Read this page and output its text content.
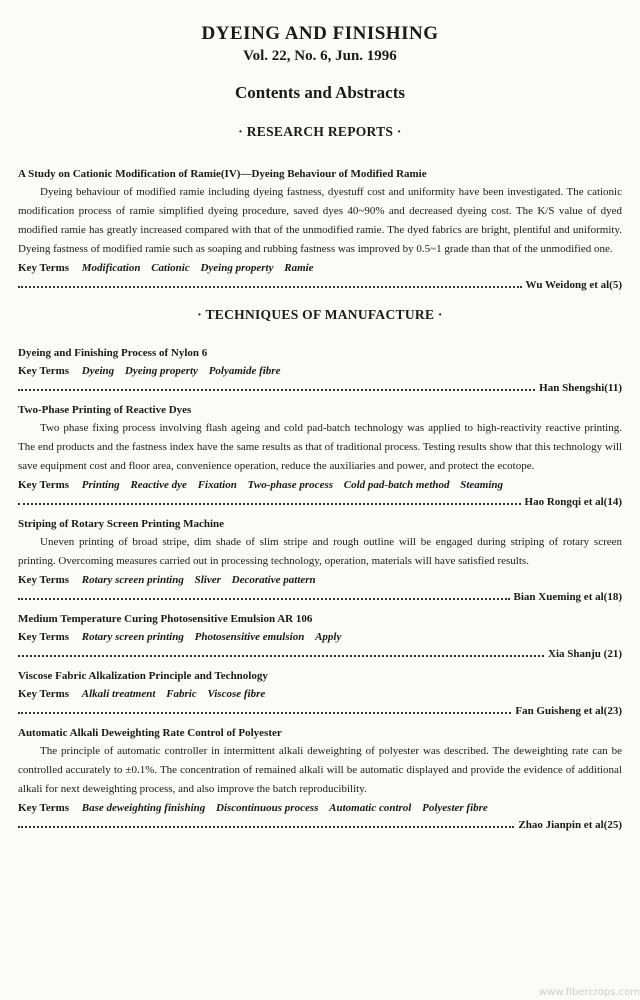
DYEING AND FINISHING
Vol. 22, No. 6, Jun. 1996
Contents and Abstracts
· RESEARCH REPORTS ·
A Study on Cationic Modification of Ramie(IV)—Dyeing Behaviour of Modified Ramie
Dyeing behaviour of modified ramie including dyeing fastness, dyestuff cost and uniformity have been investigated. The cationic modification process of ramie simplified dyeing procedure, saved dyes 40~90% and decreased dyeing cost. The K/S value of dyed modified ramie has greatly increased compared with that of the unmodified ramie. The dyed fabrics are bright, plentiful and uniformity. Dyeing fastness of modified ramie such as soaping and rubbing fastness was improved by 0.5~1 grade than that of the unmodified one.
Key Terms Modification Cationic Dyeing property Ramie
Wu Weidong et al(5)
· TECHNIQUES OF MANUFACTURE ·
Dyeing and Finishing Process of Nylon 6
Key Terms Dyeing Dyeing property Polyamide fibre
Han Shengshi(11)
Two-Phase Printing of Reactive Dyes
Two phase fixing process involving flash ageing and cold pad-batch technology was applied to high-reactivity reactive printing. The end products and the fastness index have the same results as that of traditional process. Testing results show that this technology will save equipment cost and floor area, convenience operation, reduce the auxiliaries and power, and protect the ecotope.
Key Terms Printing Reactive dye Fixation Two-phase process Cold pad-batch method Steaming
Hao Rongqi et al(14)
Striping of Rotary Screen Printing Machine
Uneven printing of broad stripe, dim shade of slim stripe and rough outline will be engaged during striping of rotary screen printing. Overcoming measures carried out in processing technology, operation, materials will have satisfied results.
Key Terms Rotary screen printing Sliver Decorative pattern
Bian Xueming et al(18)
Medium Temperature Curing Photosensitive Emulsion AR 106
Key Terms Rotary screen printing Photosensitive emulsion Apply
Xia Shanju (21)
Viscose Fabric Alkalization Principle and Technology
Key Terms Alkali treatment Fabric Viscose fibre
Fan Guisheng et al(23)
Automatic Alkali Deweighting Rate Control of Polyester
The principle of automatic controller in intermittent alkali deweighting of polyester was described. The deweighting rate can be controlled accurately to ±0.1%. The concentration of remained alkali will be automatic displayed and provide the evidence of additional alkali for next deweighting process, and also improve the batch reproducibility.
Key Terms Base deweighting finishing Discontinuous process Automatic control Polyester fibre
Zhao Jianpin et al(25)
www.fibercrops.com
